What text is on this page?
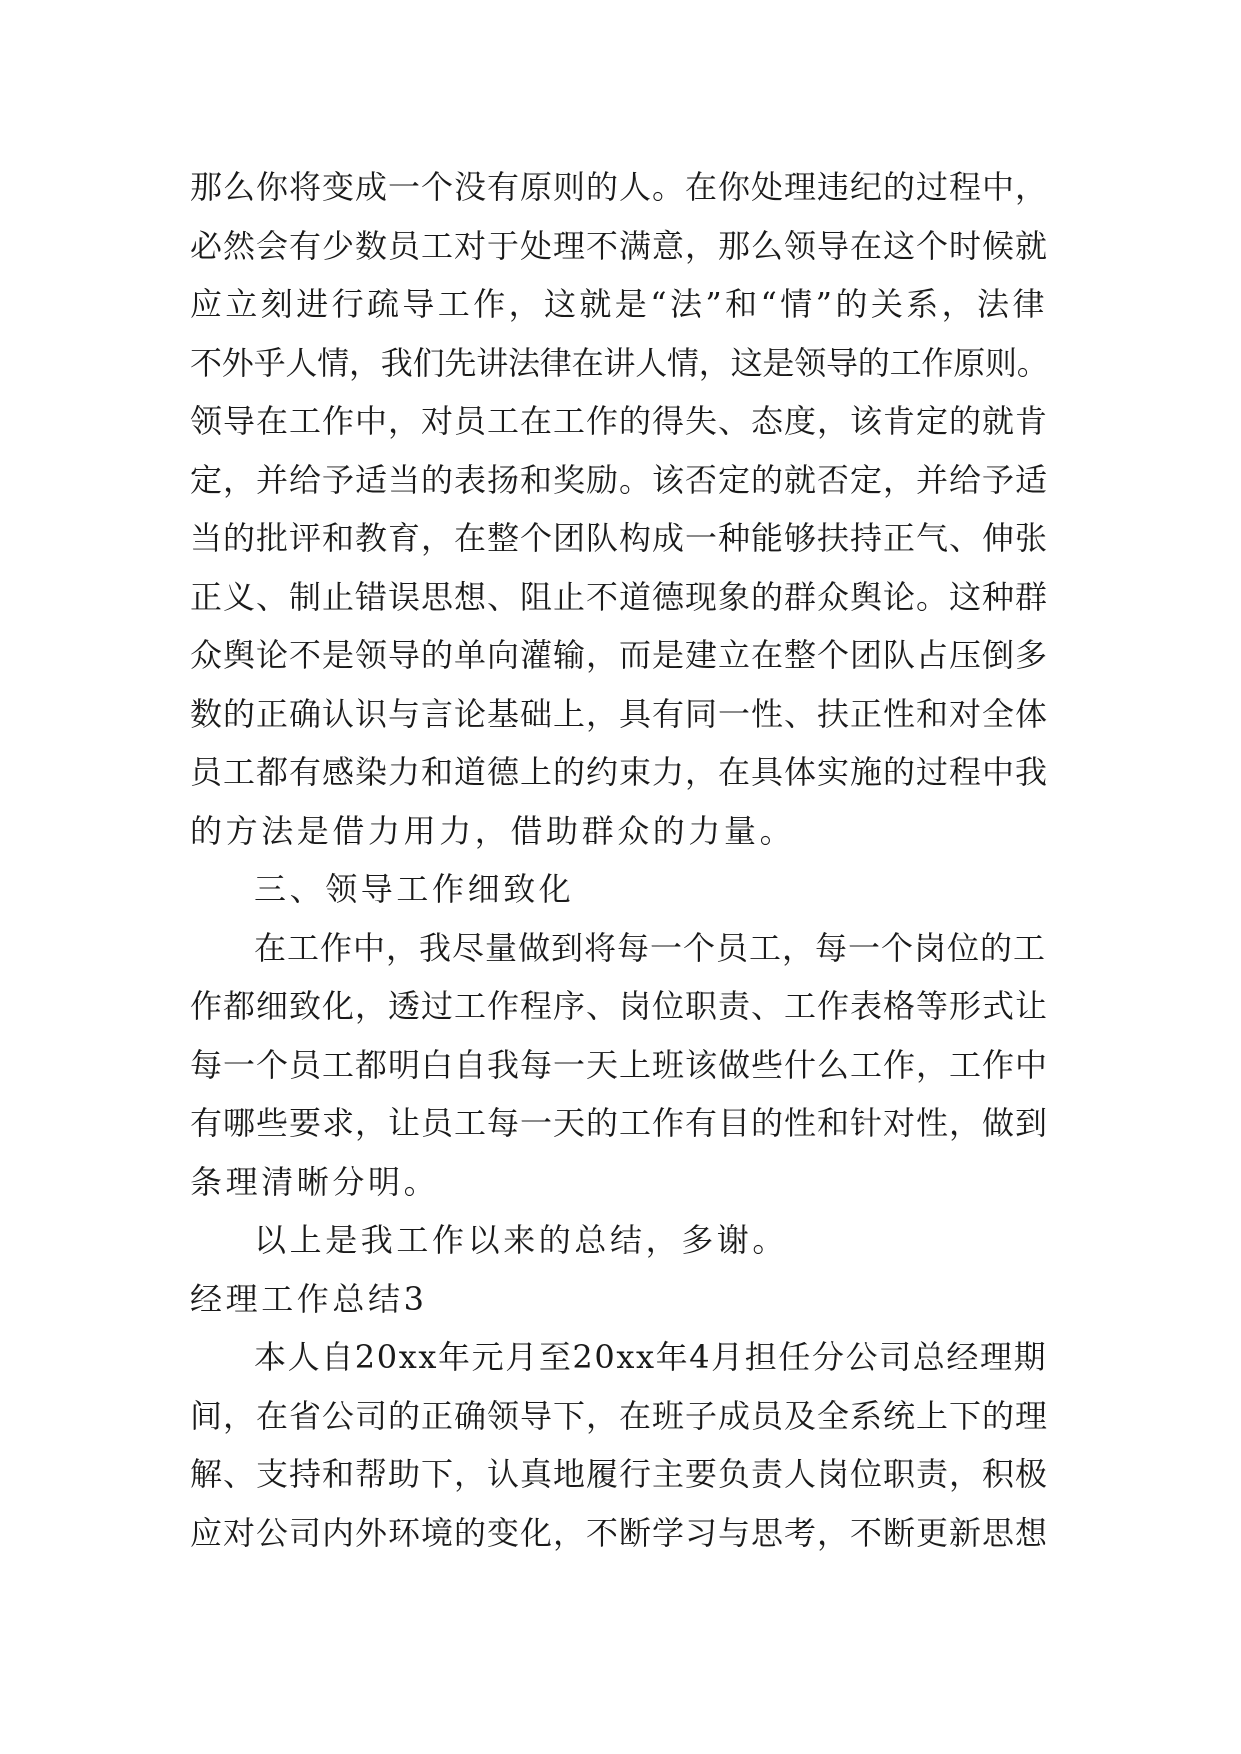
那么你将变成一个没有原则的人。在你处理违纪的过程中，
必然会有少数员工对于处理不满意，那么领导在这个时候就
应立刻进行疏导工作，这就是“法”和“情”的关系，法律
不外乎人情，我们先讲法律在讲人情，这是领导的工作原则。
领导在工作中，对员工在工作的得失、态度，该肯定的就肯
定，并给予适当的表扬和奖励。该否定的就否定，并给予适
当的批评和教育，在整个团队构成一种能够扶持正气、伸张
正义、制止错误思想、阻止不道德现象的群众舆论。这种群
众舆论不是领导的单向灌输，而是建立在整个团队占压倒多
数的正确认识与言论基础上，具有同一性、扶正性和对全体
员工都有感染力和道德上的约束力，在具体实施的过程中我
的方法是借力用力，借助群众的力量。
三、领导工作细致化
在工作中，我尽量做到将每一个员工，每一个岗位的工
作都细致化，透过工作程序、岗位职责、工作表格等形式让
每一个员工都明白自我每一天上班该做些什么工作，工作中
有哪些要求，让员工每一天的工作有目的性和针对性，做到
条理清晰分明。
以上是我工作以来的总结，多谢。
经理工作总结3
本人自20xx年元月至20xx年4月担任分公司总经理期
间，在省公司的正确领导下，在班子成员及全系统上下的理
解、支持和帮助下，认真地履行主要负责人岗位职责，积极
应对公司内外环境的变化，不断学习与思考，不断更新思想
